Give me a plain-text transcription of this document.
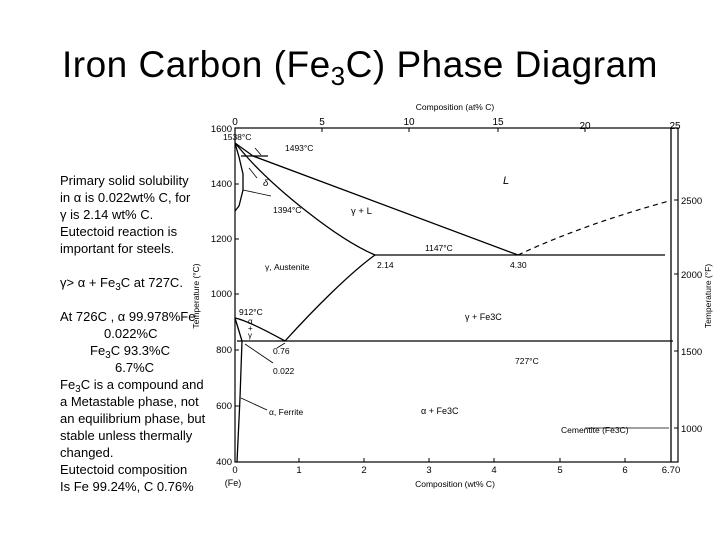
Iron Carbon $(Fe_3C)$ Phase Diagram
Primary solid solubility
in α is 0.022wt% C, for
γ is 2.14 wt% C.
Eutectoid reaction is
important for steels.
$\gamma> \alpha + Fe_3C$ at 727C.
At 726C , α 99.978%Fe
0.022%C
$Fe_3C$ 93.3%C
6.7%C
$Fe_3C$ is a compound and
a Metastable phase, not
an equilibrium phase, but
stable unless thermally
changed.
Eutectoid composition
Is Fe 99.24%, C 0.76%
Composition (at% C)
0	5	10	15	20	25
1600
1400
1200
1000
800
600
400
Temperature (°C)
2500
2000
1500
1000
Temperature (°F)
0	1	2	3	4	5	6	6.70
(Fe)	Composition (wt% C)
1538°C
1493°C
1394°C
1147°C
2.14	4.30
912°C
727°C
0.76
0.022
δ	L
γ + L
γ, Austenite
γ + Fe3C
α
+
γ
α, Ferrite	α + Fe3C
Cementite (Fe3C)
